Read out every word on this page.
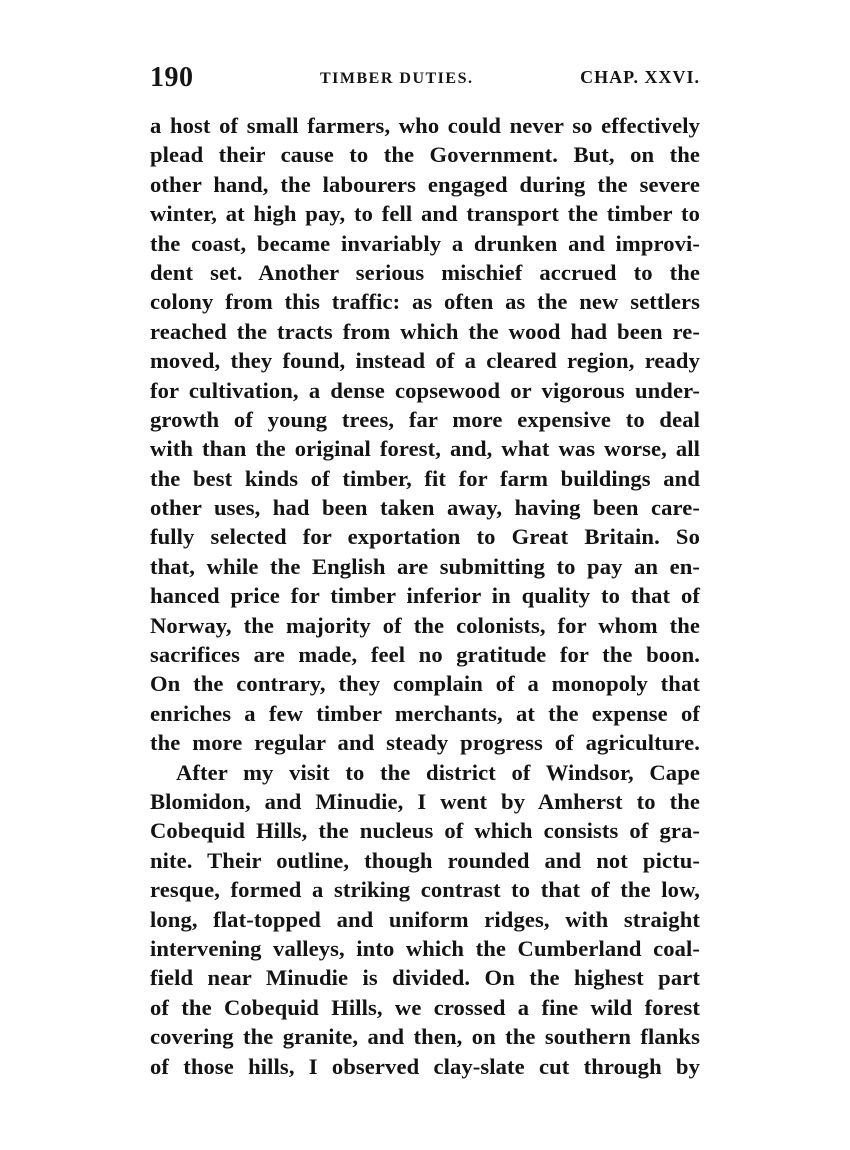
190	TIMBER DUTIES.	CHAP. XXVI.
a host of small farmers, who could never so effectively
plead their cause to the Government. But, on the
other hand, the labourers engaged during the severe
winter, at high pay, to fell and transport the timber to
the coast, became invariably a drunken and improvi-
dent set. Another serious mischief accrued to the
colony from this traffic: as often as the new settlers
reached the tracts from which the wood had been re-
moved, they found, instead of a cleared region, ready
for cultivation, a dense copsewood or vigorous under-
growth of young trees, far more expensive to deal
with than the original forest, and, what was worse, all
the best kinds of timber, fit for farm buildings and
other uses, had been taken away, having been care-
fully selected for exportation to Great Britain. So
that, while the English are submitting to pay an en-
hanced price for timber inferior in quality to that of
Norway, the majority of the colonists, for whom the
sacrifices are made, feel no gratitude for the boon.
On the contrary, they complain of a monopoly that
enriches a few timber merchants, at the expense of
the more regular and steady progress of agriculture.
After my visit to the district of Windsor, Cape
Blomidon, and Minudie, I went by Amherst to the
Cobequid Hills, the nucleus of which consists of gra-
nite. Their outline, though rounded and not pictu-
resque, formed a striking contrast to that of the low,
long, flat-topped and uniform ridges, with straight
intervening valleys, into which the Cumberland coal-
field near Minudie is divided. On the highest part
of the Cobequid Hills, we crossed a fine wild forest
covering the granite, and then, on the southern flanks
of those hills, I observed clay-slate cut through by
